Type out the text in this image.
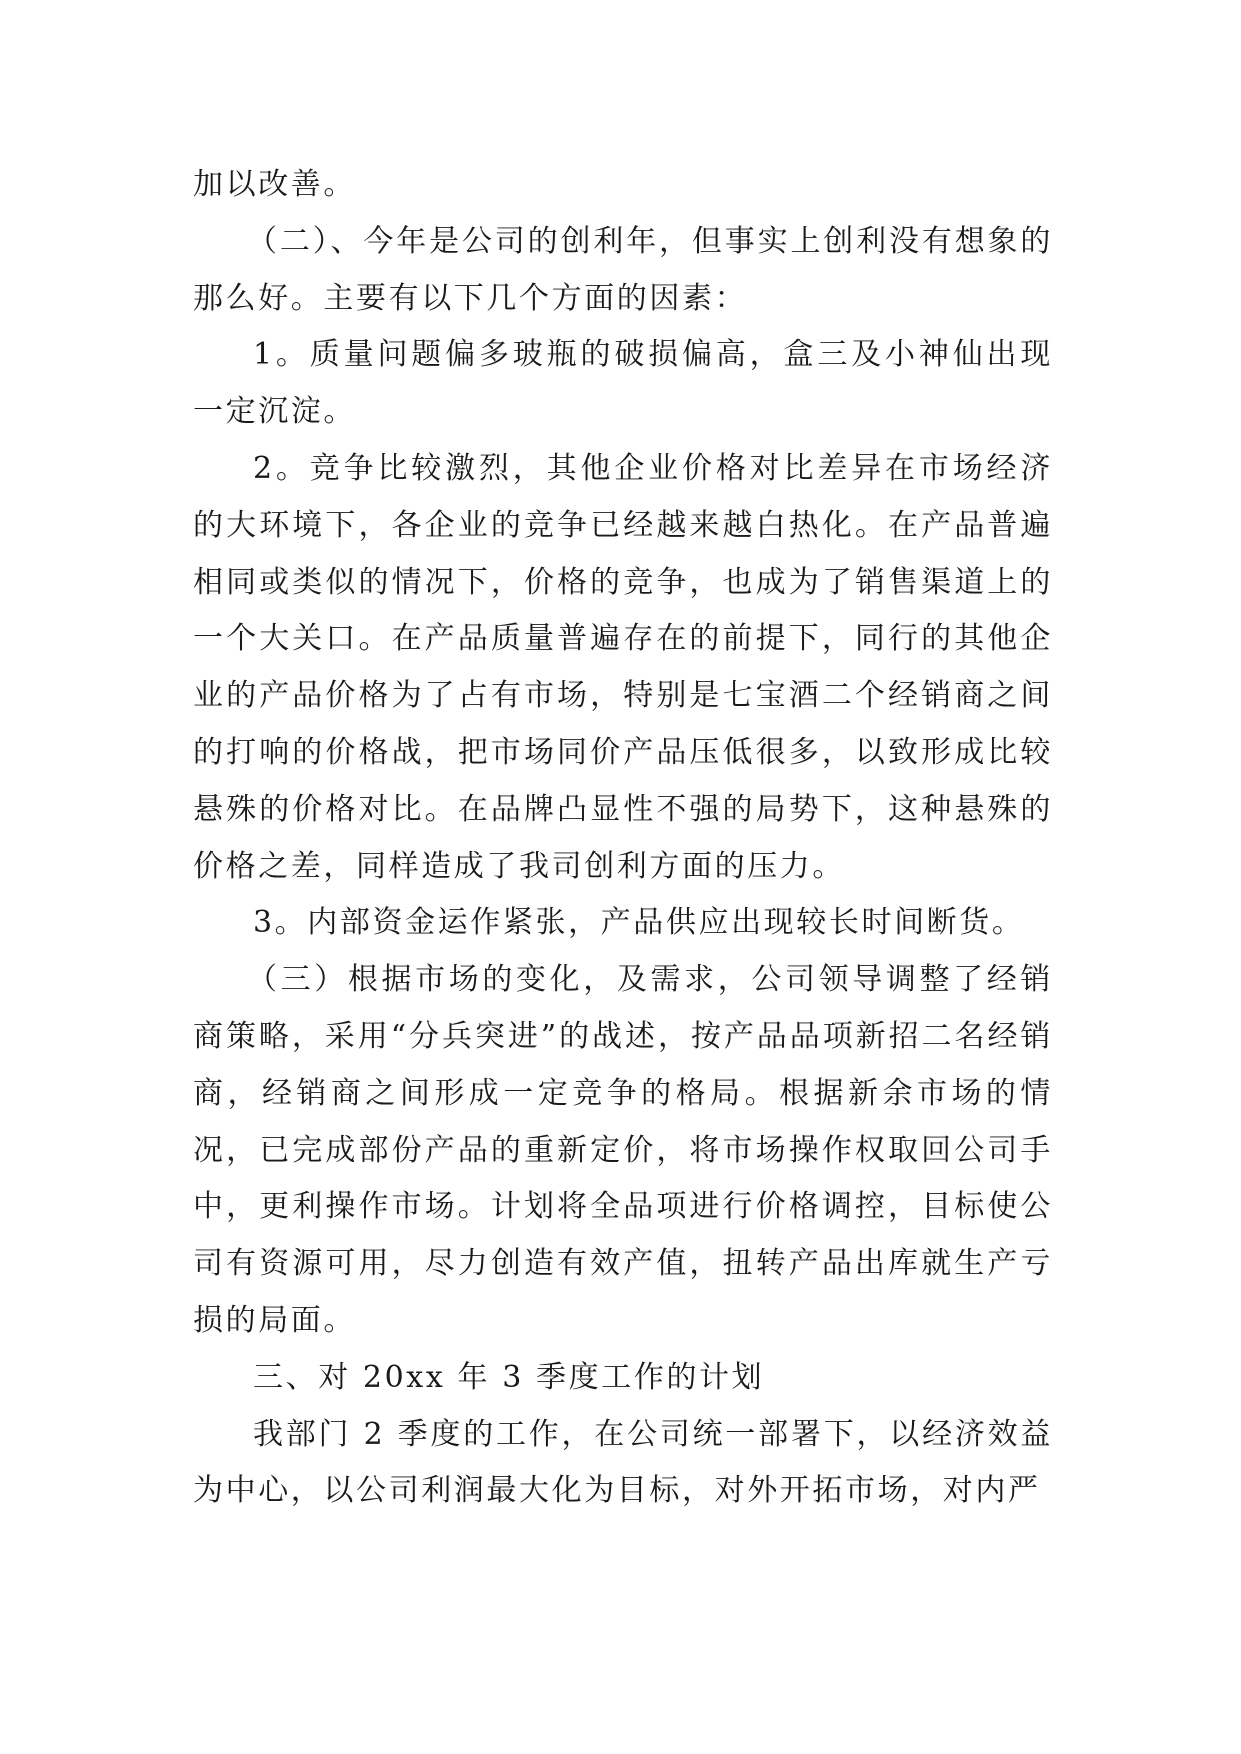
加以改善。

（二）、今年是公司的创利年，但事实上创利没有想象的那么好。主要有以下几个方面的因素：

1。质量问题偏多玻瓶的破损偏高，盒三及小神仙出现一定沉淀。

2。竞争比较激烈，其他企业价格对比差异在市场经济的大环境下，各企业的竞争已经越来越白热化。在产品普遍相同或类似的情况下，价格的竞争，也成为了销售渠道上的一个大关口。在产品质量普遍存在的前提下，同行的其他企业的产品价格为了占有市场，特别是七宝酒二个经销商之间的打响的价格战，把市场同价产品压低很多，以致形成比较悬殊的价格对比。在品牌凸显性不强的局势下，这种悬殊的价格之差，同样造成了我司创利方面的压力。

3。内部资金运作紧张，产品供应出现较长时间断货。

（三）根据市场的变化，及需求，公司领导调整了经销商策略，采用“分兵突进”的战述，按产品品项新招二名经销商，经销商之间形成一定竞争的格局。根据新余市场的情况，已完成部份产品的重新定价，将市场操作权取回公司手中，更利操作市场。计划将全品项进行价格调控，目标使公司有资源可用，尽力创造有效产值，扭转产品出库就生产亏损的局面。

三、对 20xx 年 3 季度工作的计划

我部门 2 季度的工作，在公司统一部署下，以经济效益为中心，以公司利润最大化为目标，对外开拓市场，对内严
